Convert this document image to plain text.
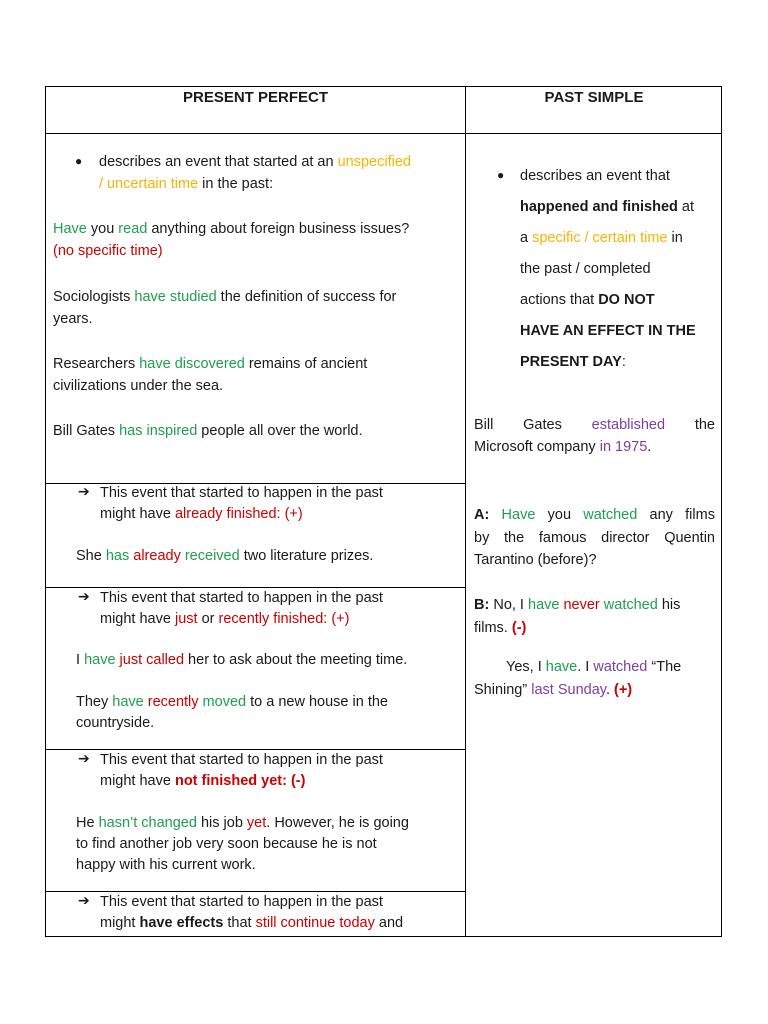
PRESENT PERFECT	PAST SIMPLE
● describes an event that started at an unspecified
/ uncertain time in the past:
Have you read anything about foreign business issues?
(no specific time)
Sociologists have studied the definition of success for
years.
Researchers have discovered remains of ancient
civilizations under the sea.
Bill Gates has inspired people all over the world.
➔ This event that started to happen in the past
might have already finished: (+)
She has already received two literature prizes.
➔ This event that started to happen in the past
might have just or recently finished: (+)
I have just called her to ask about the meeting time.
They have recently moved to a new house in the
countryside.
➔ This event that started to happen in the past
might have not finished yet: (-)
He hasn’t changed his job yet. However, he is going
to find another job very soon because he is not
happy with his current work.
➔ This event that started to happen in the past
might have effects that still continue today and
● describes an event that
happened and finished at
a specific / certain time in
the past / completed
actions that DO NOT
HAVE AN EFFECT IN THE
PRESENT DAY:
Bill Gates established the
Microsoft company in 1975.
A: Have you watched any films
by the famous director Quentin
Tarantino (before)?
B: No, I have never watched his
films. (-)
Yes, I have. I watched “The
Shining” last Sunday. (+)
